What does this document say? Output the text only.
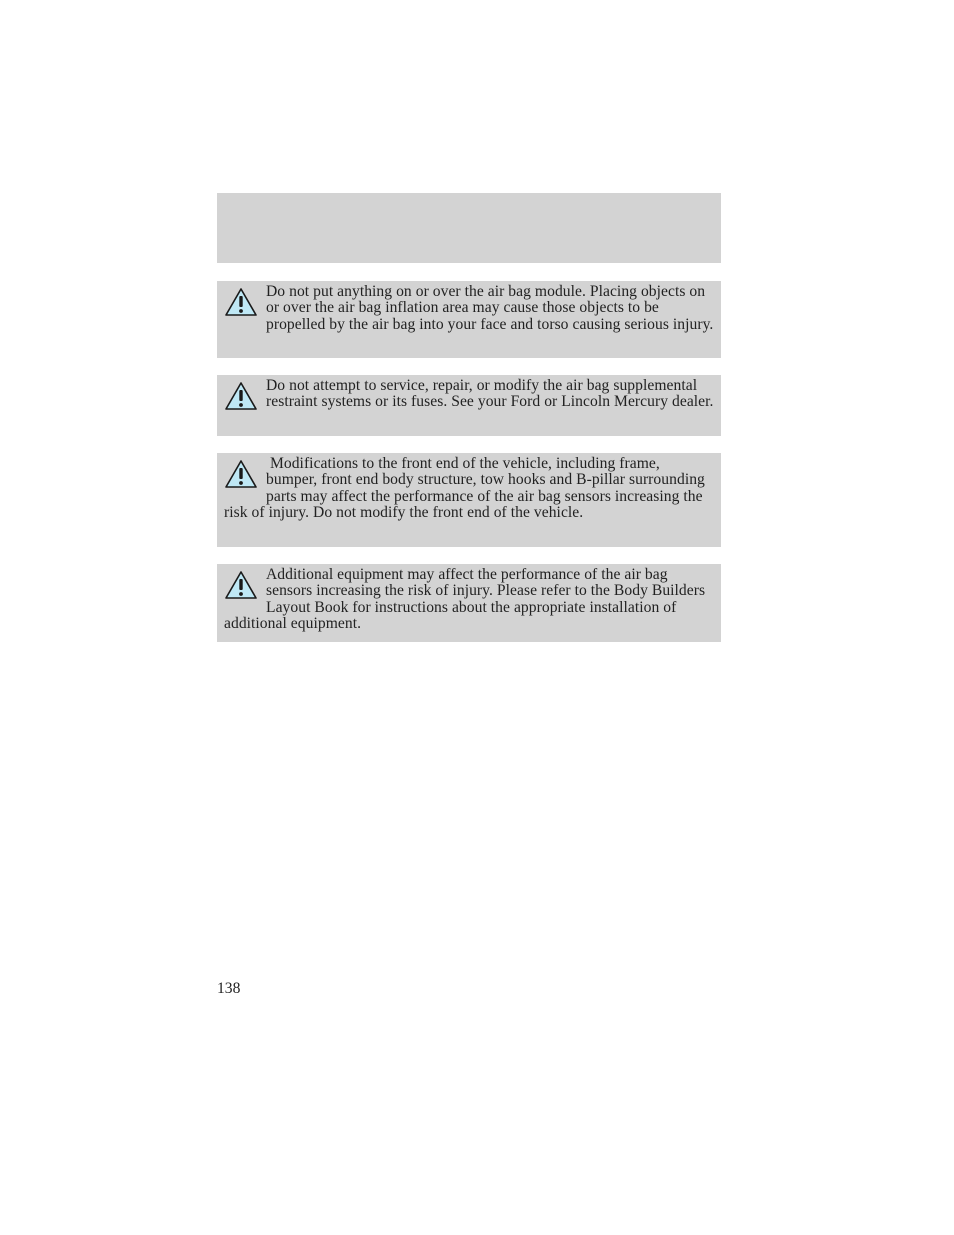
Do not put anything on or over the air bag module. Placing objects on or over the air bag inflation area may cause those objects to be propelled by the air bag into your face and torso causing serious injury.

Do not attempt to service, repair, or modify the air bag supplemental restraint systems or its fuses. See your Ford or Lincoln Mercury dealer.

Modifications to the front end of the vehicle, including frame, bumper, front end body structure, tow hooks and B-pillar surrounding parts may affect the performance of the air bag sensors increasing the risk of injury. Do not modify the front end of the vehicle.

Additional equipment may affect the performance of the air bag sensors increasing the risk of injury. Please refer to the Body Builders Layout Book for instructions about the appropriate installation of additional equipment.

138
